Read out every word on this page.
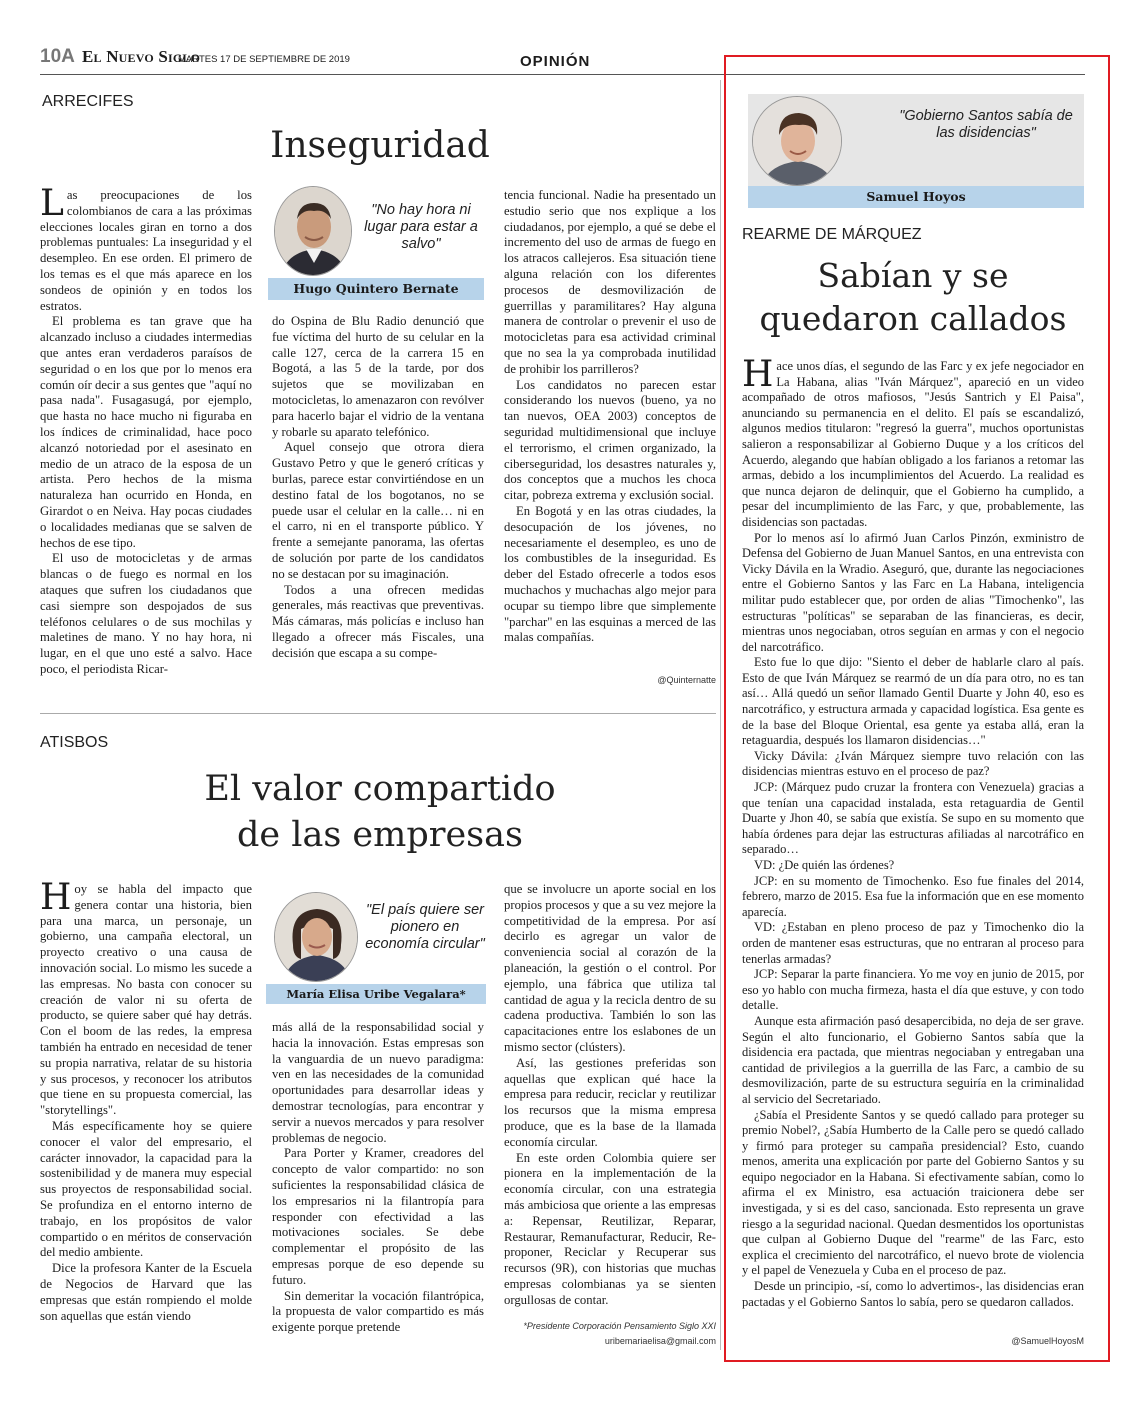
10A El Nuevo Siglo
MARTES 17 DE SEPTIEMBRE DE 2019	OPINIÓN
ARRECIFES
Inseguridad

Las preocupaciones de los colombianos de cara a las próximas elecciones locales giran en torno a dos problemas puntuales: La inseguridad y el desempleo. En ese orden. El primero de los temas es el que más aparece en los sondeos de opinión y en todos los estratos.

El problema es tan grave que ha alcanzado incluso a ciudades intermedias que antes eran verdaderos paraísos de seguridad o en los que por lo menos era común oír decir a sus gentes que "aquí no pasa nada". Fusagasugá, por ejemplo, que hasta no hace mucho ni figuraba en los índices de criminalidad, hace poco alcanzó notoriedad por el asesinato en medio de un atraco de la esposa de un artista. Pero hechos de la misma naturaleza han ocurrido en Honda, en Girardot o en Neiva. Hay pocas ciudades o localidades medianas que se salven de hechos de ese tipo.

El uso de motocicletas y de armas blancas o de fuego es normal en los ataques que sufren los ciudadanos que casi siempre son despojados de sus teléfonos celulares o de sus mochilas y maletines de mano. Y no hay hora, ni lugar, en el que uno esté a salvo. Hace poco, el periodista Ricar-

"No hay hora ni lugar para estar a salvo"
Hugo Quintero Bernate

do Ospina de Blu Radio denunció que fue víctima del hurto de su celular en la calle 127, cerca de la carrera 15 en Bogotá, a las 5 de la tarde, por dos sujetos que se movilizaban en motocicletas, lo amenazaron con revólver para hacerlo bajar el vidrio de la ventana y robarle su aparato telefónico.

Aquel consejo que otrora diera Gustavo Petro y que le generó críticas y burlas, parece estar convirtiéndose en un destino fatal de los bogotanos, no se puede usar el celular en la calle… ni en el carro, ni en el transporte público. Y frente a semejante panorama, las ofertas de solución por parte de los candidatos no se destacan por su imaginación.

Todos a una ofrecen medidas generales, más reactivas que preventivas. Más cámaras, más policías e incluso han llegado a ofrecer más Fiscales, una decisión que escapa a su compe-

tencia funcional. Nadie ha presentado un estudio serio que nos explique a los ciudadanos, por ejemplo, a qué se debe el incremento del uso de armas de fuego en los atracos callejeros. Esa situación tiene alguna relación con los diferentes procesos de desmovilización de guerrillas y paramilitares? Hay alguna manera de controlar o prevenir el uso de motocicletas para esa actividad criminal que no sea la ya comprobada inutilidad de prohibir los parrilleros?

Los candidatos no parecen estar considerando los nuevos (bueno, ya no tan nuevos, OEA 2003) conceptos de seguridad multidimensional que incluye el terrorismo, el crimen organizado, la ciberseguridad, los desastres naturales y, dos conceptos que a muchos les choca citar, pobreza extrema y exclusión social.

En Bogotá y en las otras ciudades, la desocupación de los jóvenes, no necesariamente el desempleo, es uno de los combustibles de la inseguridad. Es deber del Estado ofrecerle a todos esos muchachos y muchachas algo mejor para ocupar su tiempo libre que simplemente "parchar" en las esquinas a merced de las malas compañías.

@Quinternatte
ATISBOS
El valor compartido
de las empresas

Hoy se habla del impacto que genera contar una historia, bien para una marca, un personaje, un gobierno, una campaña electoral, un proyecto creativo o una causa de innovación social. Lo mismo les sucede a las empresas. No basta con conocer su creación de valor ni su oferta de producto, se quiere saber qué hay detrás. Con el boom de las redes, la empresa también ha entrado en necesidad de tener su propia narrativa, relatar de su historia y sus procesos, y reconocer los atributos que tiene en su propuesta comercial, las "storytellings".

Más específicamente hoy se quiere conocer el valor del empresario, el carácter innovador, la capacidad para la sostenibilidad y de manera muy especial sus proyectos de responsabilidad social. Se profundiza en el entorno interno de trabajo, en los propósitos de valor compartido o en méritos de conservación del medio ambiente.

Dice la profesora Kanter de la Escuela de Negocios de Harvard que las empresas que están rompiendo el molde son aquellas que están viendo

"El país quiere ser pionero en economía circular"
María Elisa Uribe Vegalara*

más allá de la responsabilidad social y hacia la innovación. Estas empresas son la vanguardia de un nuevo paradigma: ven en las necesidades de la comunidad oportunidades para desarrollar ideas y demostrar tecnologías, para encontrar y servir a nuevos mercados y para resolver problemas de negocio.

Para Porter y Kramer, creadores del concepto de valor compartido: no son suficientes la responsabilidad clásica de los empresarios ni la filantropía para responder con efectividad a las motivaciones sociales. Se debe complementar el propósito de las empresas porque de eso depende su futuro.

Sin demeritar la vocación filantrópica, la propuesta de valor compartido es más exigente porque pretende

que se involucre un aporte social en los propios procesos y que a su vez mejore la competitividad de la empresa. Por así decirlo es agregar un valor de conveniencia social al corazón de la planeación, la gestión o el control. Por ejemplo, una fábrica que utiliza tal cantidad de agua y la recicla dentro de su cadena productiva. También lo son las capacitaciones entre los eslabones de un mismo sector (clústers).

Así, las gestiones preferidas son aquellas que explican qué hace la empresa para reducir, reciclar y reutilizar los recursos que la misma empresa produce, que es la base de la llamada economía circular.

En este orden Colombia quiere ser pionera en la implementación de la economía circular, con una estrategia más ambiciosa que oriente a las empresas a: Repensar, Reutilizar, Reparar, Restaurar, Remanufacturar, Reducir, Re-proponer, Reciclar y Recuperar sus recursos (9R), con historias que muchas empresas colombianas ya se sienten orgullosas de contar.

*Presidente Corporación Pensamiento Siglo XXI
uribemariaelisa@gmail.com
"Gobierno Santos sabía de las disidencias"
Samuel Hoyos
REARME DE MÁRQUEZ
Sabían y se
quedaron callados

Hace unos días, el segundo de las Farc y ex jefe negociador en La Habana, alias "Iván Márquez", apareció en un video acompañado de otros mafiosos, "Jesús Santrich y El Paisa", anunciando su permanencia en el delito. El país se escandalizó, algunos medios titularon: "regresó la guerra", muchos oportunistas salieron a responsabilizar al Gobierno Duque y a los críticos del Acuerdo, alegando que habían obligado a los farianos a retomar las armas, debido a los incumplimientos del Acuerdo. La realidad es que nunca dejaron de delinquir, que el Gobierno ha cumplido, a pesar del incumplimiento de las Farc, y que, probablemente, las disidencias son pactadas.

Por lo menos así lo afirmó Juan Carlos Pinzón, exministro de Defensa del Gobierno de Juan Manuel Santos, en una entrevista con Vicky Dávila en la Wradio. Aseguró, que, durante las negociaciones entre el Gobierno Santos y las Farc en La Habana, inteligencia militar pudo establecer que, por orden de alias "Timochenko", las estructuras "políticas" se separaban de las financieras, es decir, mientras unos negociaban, otros seguían en armas y con el negocio del narcotráfico.

Esto fue lo que dijo: "Siento el deber de hablarle claro al país. Esto de que Iván Márquez se rearmó de un día para otro, no es tan así… Allá quedó un señor llamado Gentil Duarte y John 40, eso es narcotráfico, y estructura armada y capacidad logística. Esa gente es de la base del Bloque Oriental, esa gente ya estaba allá, eran la retaguardia, después los llamaron disidencias…"

Vicky Dávila: ¿Iván Márquez siempre tuvo relación con las disidencias mientras estuvo en el proceso de paz?

JCP: (Márquez pudo cruzar la frontera con Venezuela) gracias a que tenían una capacidad instalada, esta retaguardia de Gentil Duarte y Jhon 40, se sabía que existía. Se supo en su momento que había órdenes para dejar las estructuras afiliadas al narcotráfico en separado…

VD: ¿De quién las órdenes?

JCP: en su momento de Timochenko. Eso fue finales del 2014, febrero, marzo de 2015. Esa fue la información que en ese momento aparecía.

VD: ¿Estaban en pleno proceso de paz y Timochenko dio la orden de mantener esas estructuras, que no entraran al proceso para tenerlas armadas?

JCP: Separar la parte financiera. Yo me voy en junio de 2015, por eso yo hablo con mucha firmeza, hasta el día que estuve, y con todo detalle.

Aunque esta afirmación pasó desapercibida, no deja de ser grave. Según el alto funcionario, el Gobierno Santos sabía que la disidencia era pactada, que mientras negociaban y entregaban una cantidad de privilegios a la guerrilla de las Farc, a cambio de su desmovilización, parte de su estructura seguiría en la criminalidad al servicio del Secretariado.

¿Sabía el Presidente Santos y se quedó callado para proteger su premio Nobel?, ¿Sabía Humberto de la Calle pero se quedó callado y firmó para proteger su campaña presidencial? Esto, cuando menos, amerita una explicación por parte del Gobierno Santos y su equipo negociador en la Habana. Si efectivamente sabían, como lo afirma el ex Ministro, esa actuación traicionera debe ser investigada, y si es del caso, sancionada. Esto representa un grave riesgo a la seguridad nacional. Quedan desmentidos los oportunistas que culpan al Gobierno Duque del "rearme" de las Farc, esto explica el crecimiento del narcotráfico, el nuevo brote de violencia y el papel de Venezuela y Cuba en el proceso de paz.

Desde un principio, -sí, como lo advertimos-, las disidencias eran pactadas y el Gobierno Santos lo sabía, pero se quedaron callados.

@SamuelHoyosM
